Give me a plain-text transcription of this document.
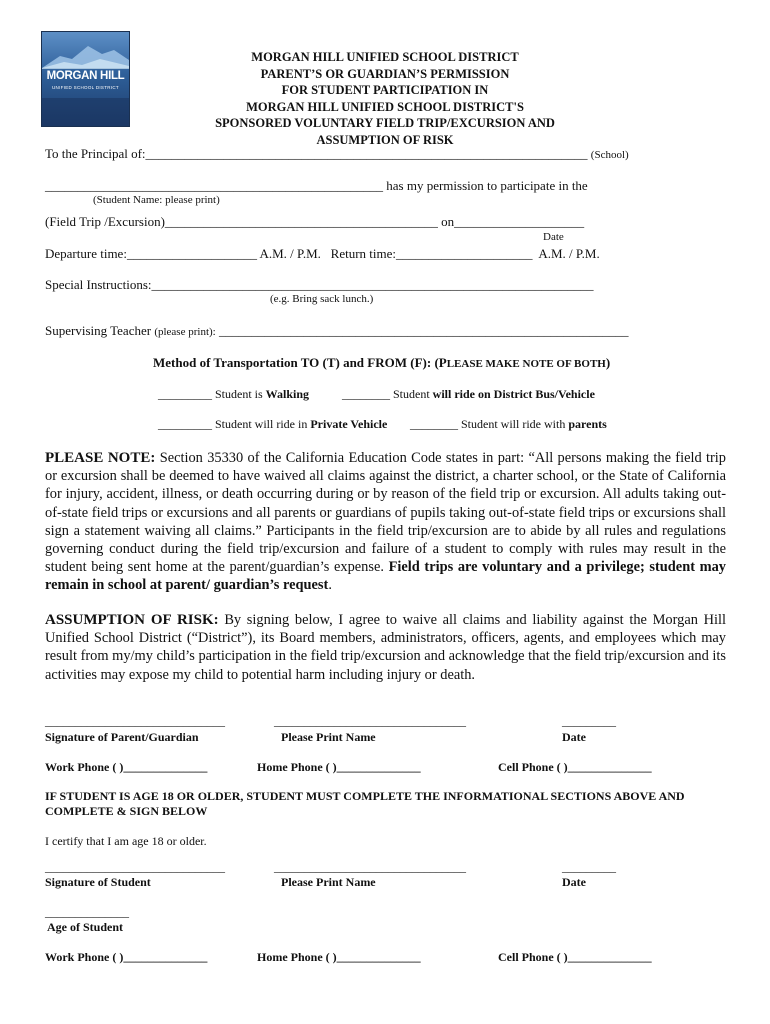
MORGAN HILL
UNIFIED SCHOOL DISTRICT
MORGAN HILL UNIFIED SCHOOL DISTRICT
PARENT’S OR GUARDIAN’S PERMISSION
FOR STUDENT PARTICIPATION IN
MORGAN HILL UNIFIED SCHOOL DISTRICT'S
SPONSORED VOLUNTARY FIELD TRIP/EXCURSION AND
ASSUMPTION OF RISK
To the Principal of:____________________________________________________________________ (School)
____________________________________________________ has my permission to participate in the
(Student Name: please print)
(Field Trip /Excursion)__________________________________________ on____________________
Date
Departure time:____________________ A.M. / P.M. Return time:_____________________ A.M. / P.M.
Special Instructions:____________________________________________________________________
(e.g. Bring sack lunch.)
Supervising Teacher (please print): _______________________________________________________________
Method of Transportation TO (T) and FROM (F): (PLEASE MAKE NOTE OF BOTH)
_________ Student is Walking	________ Student will ride on District Bus/Vehicle
_________ Student will ride in Private Vehicle ________ Student will ride with parents
PLEASE NOTE: Section 35330 of the California Education Code states in part: “All persons making the field trip or excursion shall be deemed to have waived all claims against the district, a charter school, or the State of California for injury, accident, illness, or death occurring during or by reason of the field trip or excursion. All adults taking out-of-state field trips or excursions and all parents or guardians of pupils taking out-of-state field trips or excursions shall sign a statement waiving all claims.” Participants in the field trip/excursion are to abide by all rules and regulations governing conduct during the field trip/excursion and failure of a student to comply with rules may result in the student being sent home at the parent/guardian’s expense. Field trips are voluntary and a privilege; student may remain in school at parent/ guardian’s request.
ASSUMPTION OF RISK: By signing below, I agree to waive all claims and liability against the Morgan Hill Unified School District (“District”), its Board members, administrators, officers, agents, and employees which may result from my/my child’s participation in the field trip/excursion and acknowledge that the field trip/excursion and its activities may expose my child to potential harm including injury or death.
______________________________	________________________________	_________
Signature of Parent/Guardian	Please Print Name	Date
Work Phone ( )______________	Home Phone ( )______________	Cell Phone ( )______________
IF STUDENT IS AGE 18 OR OLDER, STUDENT MUST COMPLETE THE INFORMATIONAL SECTIONS ABOVE AND
COMPLETE & SIGN BELOW
I certify that I am age 18 or older.
______________________________	________________________________	_________
Signature of Student	Please Print Name	Date
______________
Age of Student
Work Phone ( )______________	Home Phone ( )______________	Cell Phone ( )______________
